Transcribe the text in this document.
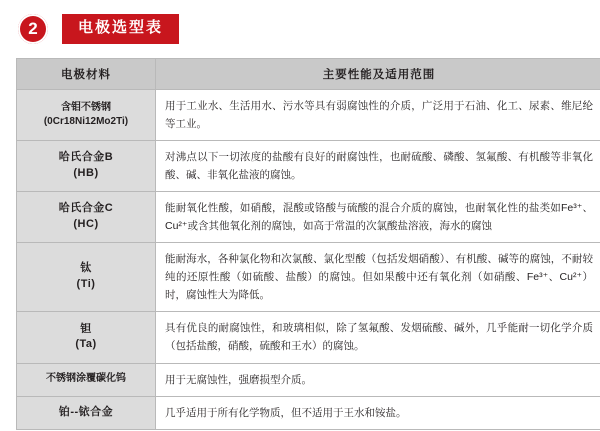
2	电极选型表
电极材料	主要性能及适用范围

含钼不锈钢
(0Cr18Ni12Mo2Ti)	用于工业水、生活用水、污水等具有弱腐蚀性的介质，广泛用于石油、化工、尿素、维尼纶等工业。

哈氏合金B
(HB)	对沸点以下一切浓度的盐酸有良好的耐腐蚀性，也耐硫酸、磷酸、氢氟酸、有机酸等非氧化酸、碱、非氧化盐液的腐蚀。

哈氏合金C
(HC)	能耐氧化性酸，如硝酸，混酸或铬酸与硫酸的混合介质的腐蚀，也耐氧化性的盐类如Fe³⁺、Cu²⁺或含其他氧化剂的腐蚀，如高于常温的次氯酸盐溶液，海水的腐蚀

钛
(Ti)	能耐海水，各种氯化物和次氯酸、氯化型酸（包括发烟硝酸）、有机酸、碱等的腐蚀，不耐较纯的还原性酸（如硫酸、盐酸）的腐蚀。但如果酸中还有氧化剂（如硝酸、Fe³⁺、Cu²⁺）时，腐蚀性大为降低。

钽
(Ta)	具有优良的耐腐蚀性，和玻璃相似，除了氢氟酸、发烟硫酸、碱外，几乎能耐一切化学介质（包括盐酸，硝酸，硫酸和王水）的腐蚀。

不锈钢涂覆碳化钨	用于无腐蚀性，强磨损型介质。

铂--铱合金	几乎适用于所有化学物质，但不适用于王水和铵盐。
